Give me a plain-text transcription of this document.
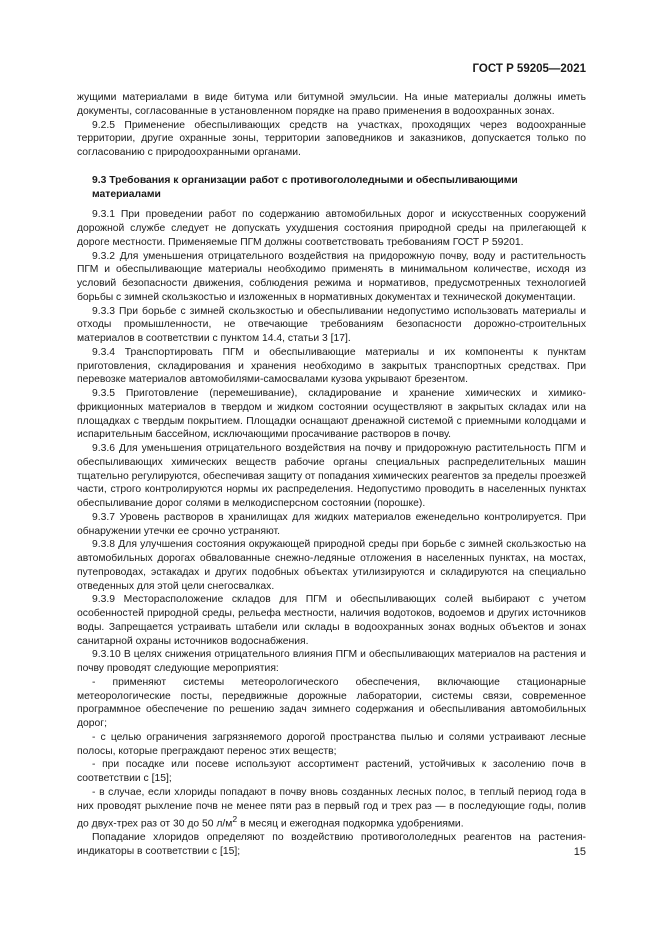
ГОСТ Р 59205—2021

жущими материалами в виде битума или битумной эмульсии. На иные материалы должны иметь документы, согласованные в установленном порядке на право применения в водоохранных зонах.

9.2.5 Применение обеспыливающих средств на участках, проходящих через водоохранные территории, другие охранные зоны, территории заповедников и заказников, допускается только по согласованию с природоохранными органами.

9.3 Требования к организации работ с противогололедными и обеспыливающими материалами

9.3.1 При проведении работ по содержанию автомобильных дорог и искусственных сооружений дорожной службе следует не допускать ухудшения состояния природной среды на прилегающей к дороге местности. Применяемые ПГМ должны соответствовать требованиям ГОСТ Р 59201.

9.3.2 Для уменьшения отрицательного воздействия на придорожную почву, воду и растительность ПГМ и обеспыливающие материалы необходимо применять в минимальном количестве, исходя из условий безопасности движения, соблюдения режима и нормативов, предусмотренных технологией борьбы с зимней скользкостью и изложенных в нормативных документах и технической документации.

9.3.3 При борьбе с зимней скользкостью и обеспыливании недопустимо использовать материалы и отходы промышленности, не отвечающие требованиям безопасности дорожно-строительных материалов в соответствии с пунктом 14.4, статьи 3 [17].

9.3.4 Транспортировать ПГМ и обеспыливающие материалы и их компоненты к пунктам приготовления, складирования и хранения необходимо в закрытых транспортных средствах. При перевозке материалов автомобилями-самосвалами кузова укрывают брезентом.

9.3.5 Приготовление (перемешивание), складирование и хранение химических и химико-фрикционных материалов в твердом и жидком состоянии осуществляют в закрытых складах или на площадках с твердым покрытием. Площадки оснащают дренажной системой с приемными колодцами и испарительным бассейном, исключающими просачивание растворов в почву.

9.3.6 Для уменьшения отрицательного воздействия на почву и придорожную растительность ПГМ и обеспыливающих химических веществ рабочие органы специальных распределительных машин тщательно регулируются, обеспечивая защиту от попадания химических реагентов за пределы проезжей части, строго контролируются нормы их распределения. Недопустимо проводить в населенных пунктах обеспыливание дорог солями в мелкодисперсном состоянии (порошке).

9.3.7 Уровень растворов в хранилищах для жидких материалов еженедельно контролируется. При обнаружении утечки ее срочно устраняют.

9.3.8 Для улучшения состояния окружающей природной среды при борьбе с зимней скользкостью на автомобильных дорогах обвалованные снежно-ледяные отложения в населенных пунктах, на мостах, путепроводах, эстакадах и других подобных объектах утилизируются и складируются на специально отведенных для этой цели снегосвалках.

9.3.9 Месторасположение складов для ПГМ и обеспыливающих солей выбирают с учетом особенностей природной среды, рельефа местности, наличия водотоков, водоемов и других источников воды. Запрещается устраивать штабели или склады в водоохранных зонах водных объектов и зонах санитарной охраны источников водоснабжения.

9.3.10 В целях снижения отрицательного влияния ПГМ и обеспыливающих материалов на растения и почву проводят следующие мероприятия:

- применяют системы метеорологического обеспечения, включающие стационарные метеорологические посты, передвижные дорожные лаборатории, системы связи, современное программное обеспечение по решению задач зимнего содержания и обеспыливания автомобильных дорог;

- с целью ограничения загрязняемого дорогой пространства пылью и солями устраивают лесные полосы, которые преграждают перенос этих веществ;

- при посадке или посеве используют ассортимент растений, устойчивых к засолению почв в соответствии с [15];

- в случае, если хлориды попадают в почву вновь созданных лесных полос, в теплый период года в них проводят рыхление почв не менее пяти раз в первый год и трех раз — в последующие годы, полив до двух-трех раз от 30 до 50 $л/м^2$ в месяц и ежегодная подкормка удобрениями.

Попадание хлоридов определяют по воздействию противогололедных реагентов на растения-индикаторы в соответствии с [15];	15
